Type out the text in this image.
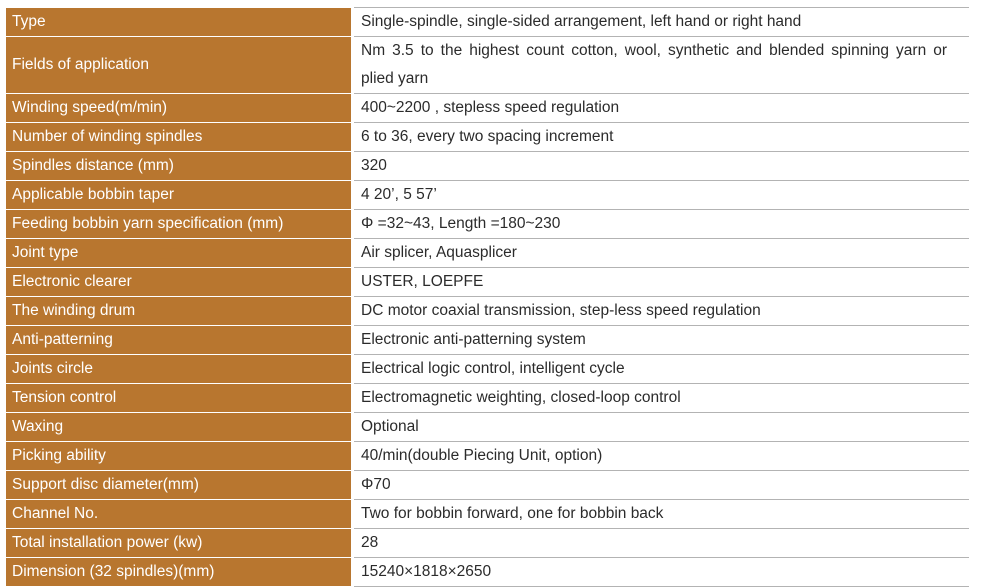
Type	Single-spindle, single-sided arrangement, left hand or right hand

Fields of application	Nm 3.5 to the highest count cotton, wool, synthetic and blended spinning yarn or plied yarn

Winding speed(m/min)	400~2200 , stepless speed regulation

Number of winding spindles	6 to 36, every two spacing increment

Spindles distance (mm)	320

Applicable bobbin taper	4 20’, 5 57’

Feeding bobbin yarn specification (mm)	Φ =32~43, Length =180~230

Joint type	Air splicer, Aquasplicer

Electronic clearer	USTER, LOEPFE

The winding drum	DC motor coaxial transmission, step-less speed regulation

Anti-patterning	Electronic anti-patterning system

Joints circle	Electrical logic control, intelligent cycle

Tension control	Electromagnetic weighting, closed-loop control

Waxing	Optional

Picking ability	40/min(double Piecing Unit, option)

Support disc diameter(mm)	Φ70

Channel No.	Two for bobbin forward, one for bobbin back

Total installation power (kw)	28

Dimension (32 spindles)(mm)	15240×1818×2650
